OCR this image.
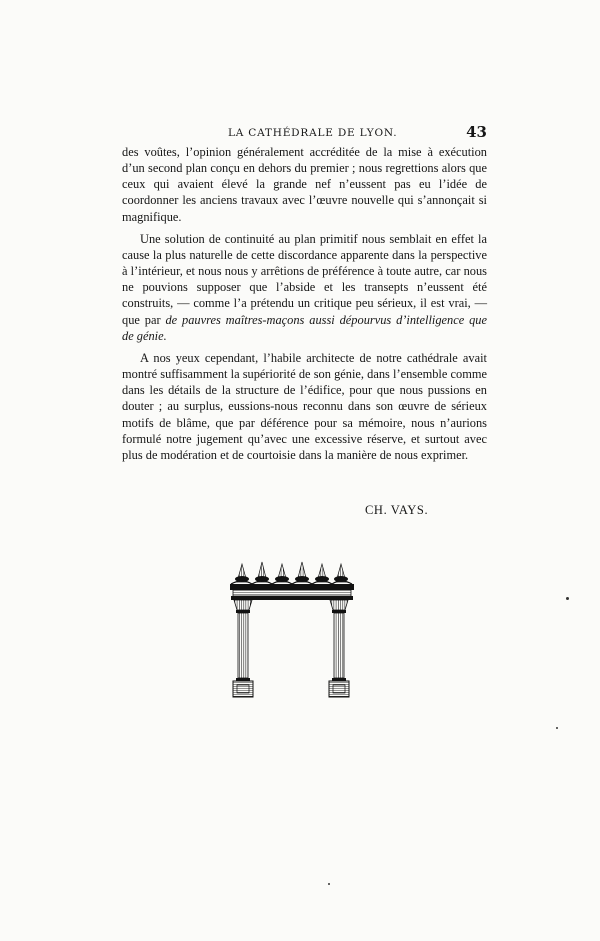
LA CATHÉDRALE DE LYON.	43

des voûtes, l’opinion généralement accréditée de la mise à exécution d’un second plan conçu en dehors du premier ; nous regrettions alors que ceux qui avaient élevé la grande nef n’eussent pas eu l’idée de coordonner les anciens travaux avec l’œuvre nouvelle qui s’annonçait si magnifique.

Une solution de continuité au plan primitif nous semblait en effet la cause la plus naturelle de cette discordance apparente dans la perspective à l’intérieur, et nous nous y arrêtions de préférence à toute autre, car nous ne pouvions supposer que l’abside et les transepts n’eussent été construits, — comme l’a prétendu un critique peu sérieux, il est vrai, — que par de pauvres maîtres-maçons aussi dépourvus d’intelligence que de génie.

A nos yeux cependant, l’habile architecte de notre cathédrale avait montré suffisamment la supériorité de son génie, dans l’ensemble comme dans les détails de la structure de l’édifice, pour que nous pussions en douter ; au surplus, eussions-nous reconnu dans son œuvre de sérieux motifs de blâme, que par déférence pour sa mémoire, nous n’aurions formulé notre jugement qu’avec une excessive réserve, et surtout avec plus de modération et de courtoisie dans la manière de nous exprimer.

CH. VAYS.
